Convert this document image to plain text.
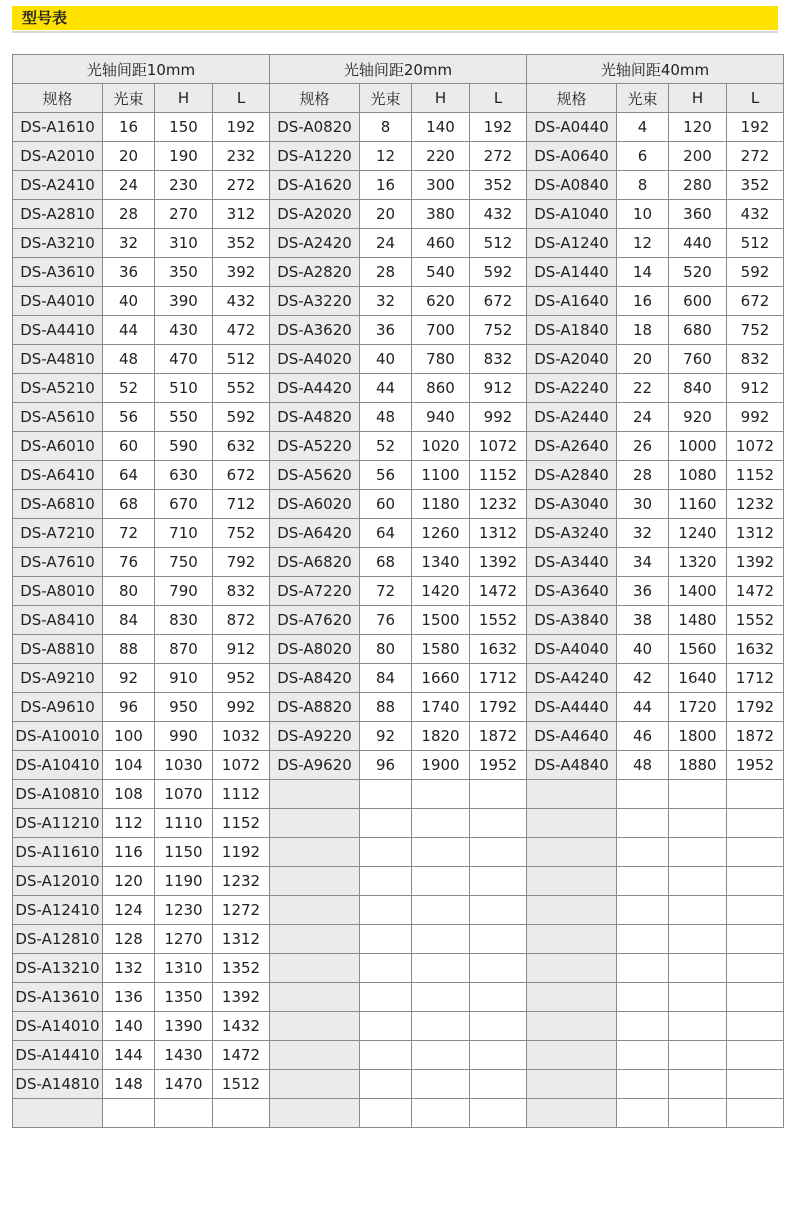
型号表
光轴间距10mm				光轴间距20mm				光轴间距40mm			
规格	光束	H	L	规格	光束	H	L	规格	光束	H	L
DS-A1610	16	150	192	DS-A0820	8	140	192	DS-A0440	4	120	192
DS-A2010	20	190	232	DS-A1220	12	220	272	DS-A0640	6	200	272
DS-A2410	24	230	272	DS-A1620	16	300	352	DS-A0840	8	280	352
DS-A2810	28	270	312	DS-A2020	20	380	432	DS-A1040	10	360	432
DS-A3210	32	310	352	DS-A2420	24	460	512	DS-A1240	12	440	512
DS-A3610	36	350	392	DS-A2820	28	540	592	DS-A1440	14	520	592
DS-A4010	40	390	432	DS-A3220	32	620	672	DS-A1640	16	600	672
DS-A4410	44	430	472	DS-A3620	36	700	752	DS-A1840	18	680	752
DS-A4810	48	470	512	DS-A4020	40	780	832	DS-A2040	20	760	832
DS-A5210	52	510	552	DS-A4420	44	860	912	DS-A2240	22	840	912
DS-A5610	56	550	592	DS-A4820	48	940	992	DS-A2440	24	920	992
DS-A6010	60	590	632	DS-A5220	52	1020	1072	DS-A2640	26	1000	1072
DS-A6410	64	630	672	DS-A5620	56	1100	1152	DS-A2840	28	1080	1152
DS-A6810	68	670	712	DS-A6020	60	1180	1232	DS-A3040	30	1160	1232
DS-A7210	72	710	752	DS-A6420	64	1260	1312	DS-A3240	32	1240	1312
DS-A7610	76	750	792	DS-A6820	68	1340	1392	DS-A3440	34	1320	1392
DS-A8010	80	790	832	DS-A7220	72	1420	1472	DS-A3640	36	1400	1472
DS-A8410	84	830	872	DS-A7620	76	1500	1552	DS-A3840	38	1480	1552
DS-A8810	88	870	912	DS-A8020	80	1580	1632	DS-A4040	40	1560	1632
DS-A9210	92	910	952	DS-A8420	84	1660	1712	DS-A4240	42	1640	1712
DS-A9610	96	950	992	DS-A8820	88	1740	1792	DS-A4440	44	1720	1792
DS-A10010	100	990	1032	DS-A9220	92	1820	1872	DS-A4640	46	1800	1872
DS-A10410	104	1030	1072	DS-A9620	96	1900	1952	DS-A4840	48	1880	1952
DS-A10810	108	1070	1112								
DS-A11210	112	1110	1152								
DS-A11610	116	1150	1192								
DS-A12010	120	1190	1232								
DS-A12410	124	1230	1272								
DS-A12810	128	1270	1312								
DS-A13210	132	1310	1352								
DS-A13610	136	1350	1392								
DS-A14010	140	1390	1432								
DS-A14410	144	1430	1472								
DS-A14810	148	1470	1512								
